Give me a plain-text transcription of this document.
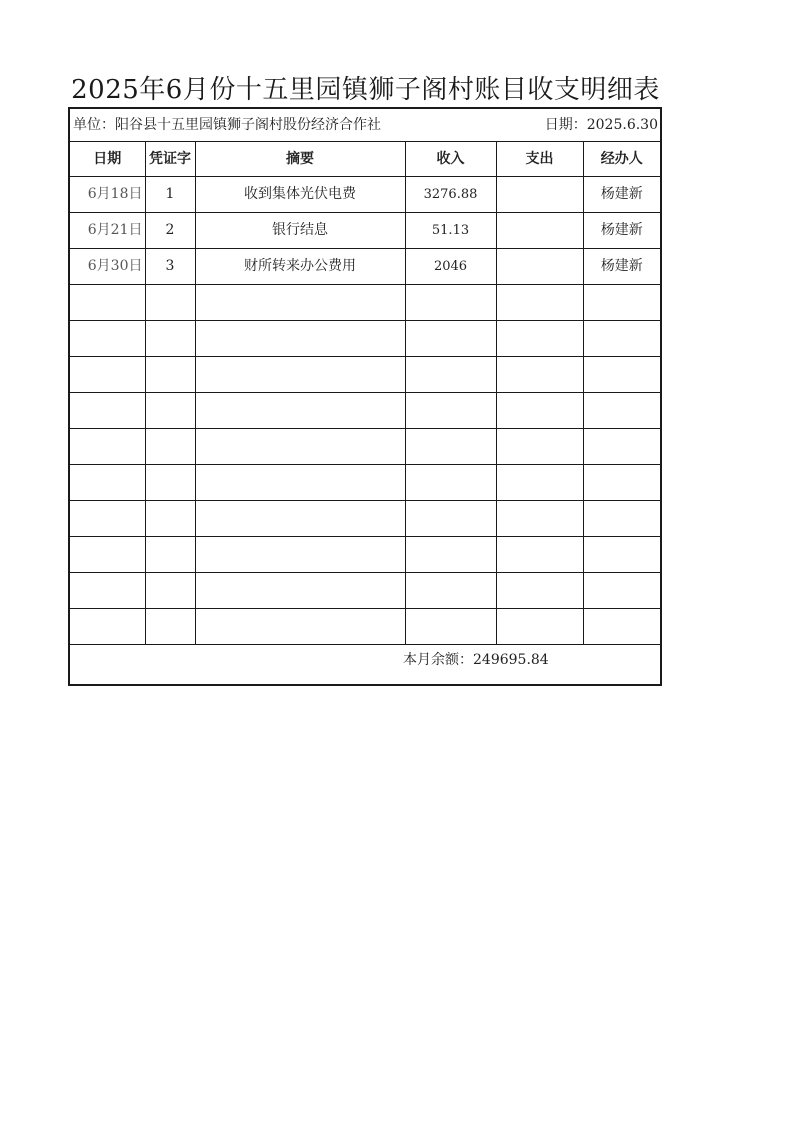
2025年6月份十五里园镇狮子阁村账目收支明细表
单位：阳谷县十五里园镇狮子阁村股份经济合作社	日期：2025.6.30
日期	凭证字	摘要	收入	支出	经办人
6月18日	1	收到集体光伏电费	3276.88		杨建新
6月21日	2	银行结息	51.13		杨建新
6月30日	3	财所转来办公费用	2046		杨建新

本月余额：249695.84
